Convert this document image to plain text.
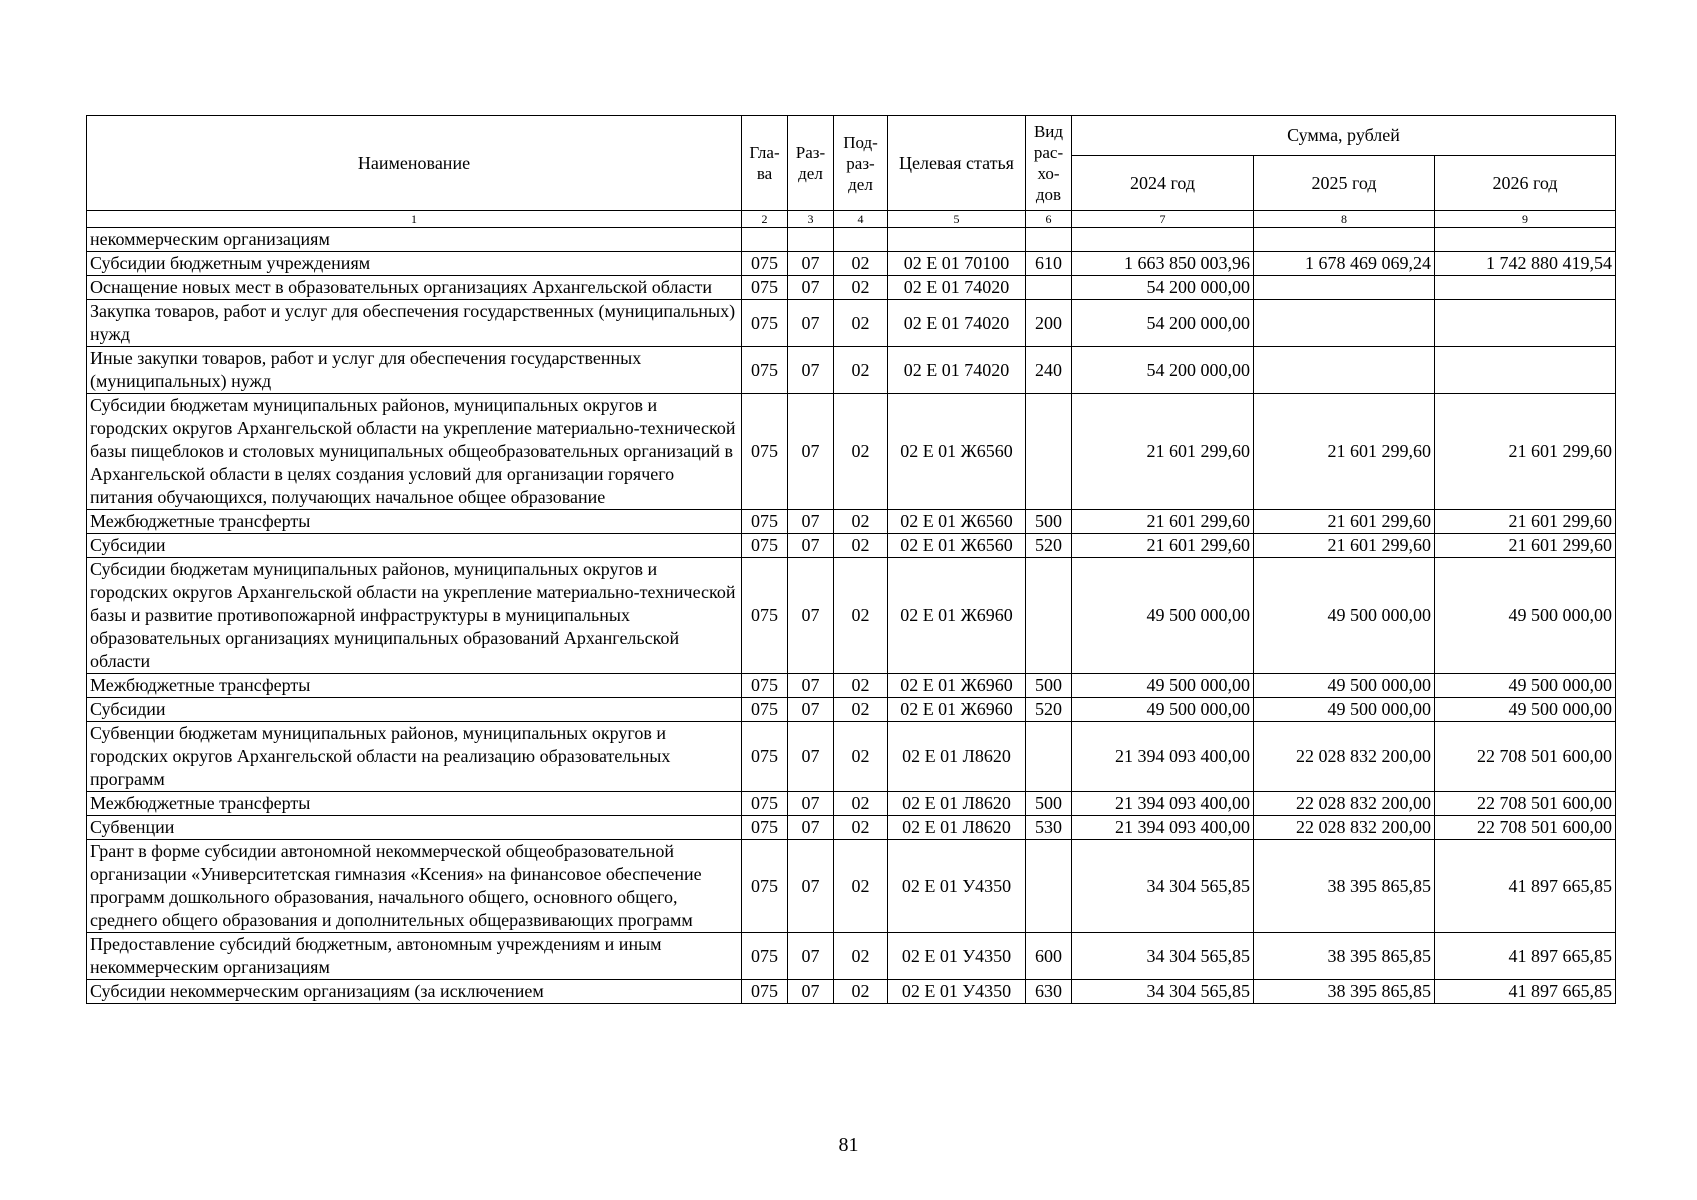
Наименование	Гла- ва	Раз- дел	Под- раз- дел	Целевая статья	Вид рас- хо- дов	Сумма, рублей		
						2024 год	2025 год	2026 год
1	2	3	4	5	6	7	8	9
некоммерческим организациям								
Субсидии бюджетным учреждениям	075	07	02	02 Е 01 70100	610	1 663 850 003,96	1 678 469 069,24	1 742 880 419,54
Оснащение новых мест в образовательных организациях Архангельской области	075	07	02	02 Е 01 74020		54 200 000,00		
Закупка товаров, работ и услуг для обеспечения государственных (муниципальных) нужд	075	07	02	02 Е 01 74020	200	54 200 000,00		
Иные закупки товаров, работ и услуг для обеспечения государственных (муниципальных) нужд	075	07	02	02 Е 01 74020	240	54 200 000,00		
Субсидии бюджетам муниципальных районов, муниципальных округов и городских округов Архангельской области на укрепление материально-технической базы пищеблоков и столовых муниципальных общеобразовательных организаций в Архангельской области в целях создания условий для организации горячего питания обучающихся, получающих начальное общее образование	075	07	02	02 Е 01 Ж6560		21 601 299,60	21 601 299,60	21 601 299,60
Межбюджетные трансферты	075	07	02	02 Е 01 Ж6560	500	21 601 299,60	21 601 299,60	21 601 299,60
Субсидии	075	07	02	02 Е 01 Ж6560	520	21 601 299,60	21 601 299,60	21 601 299,60
Субсидии бюджетам муниципальных районов, муниципальных округов и городских округов Архангельской области на укрепление материально-технической базы и развитие противопожарной инфраструктуры в муниципальных образовательных организациях муниципальных образований Архангельской области	075	07	02	02 Е 01 Ж6960		49 500 000,00	49 500 000,00	49 500 000,00
Межбюджетные трансферты	075	07	02	02 Е 01 Ж6960	500	49 500 000,00	49 500 000,00	49 500 000,00
Субсидии	075	07	02	02 Е 01 Ж6960	520	49 500 000,00	49 500 000,00	49 500 000,00
Субвенции бюджетам муниципальных районов, муниципальных округов и городских округов Архангельской области на реализацию образовательных программ	075	07	02	02 Е 01 Л8620		21 394 093 400,00	22 028 832 200,00	22 708 501 600,00
Межбюджетные трансферты	075	07	02	02 Е 01 Л8620	500	21 394 093 400,00	22 028 832 200,00	22 708 501 600,00
Субвенции	075	07	02	02 Е 01 Л8620	530	21 394 093 400,00	22 028 832 200,00	22 708 501 600,00
Грант в форме субсидии автономной некоммерческой общеобразовательной организации «Университетская гимназия «Ксения» на финансовое обеспечение программ дошкольного образования, начального общего, основного общего, среднего общего образования и дополнительных общеразвивающих программ	075	07	02	02 Е 01 У4350		34 304 565,85	38 395 865,85	41 897 665,85
Предоставление субсидий бюджетным, автономным учреждениям и иным некоммерческим организациям	075	07	02	02 Е 01 У4350	600	34 304 565,85	38 395 865,85	41 897 665,85
Субсидии некоммерческим организациям (за исключением	075	07	02	02 Е 01 У4350	630	34 304 565,85	38 395 865,85	41 897 665,85
81
